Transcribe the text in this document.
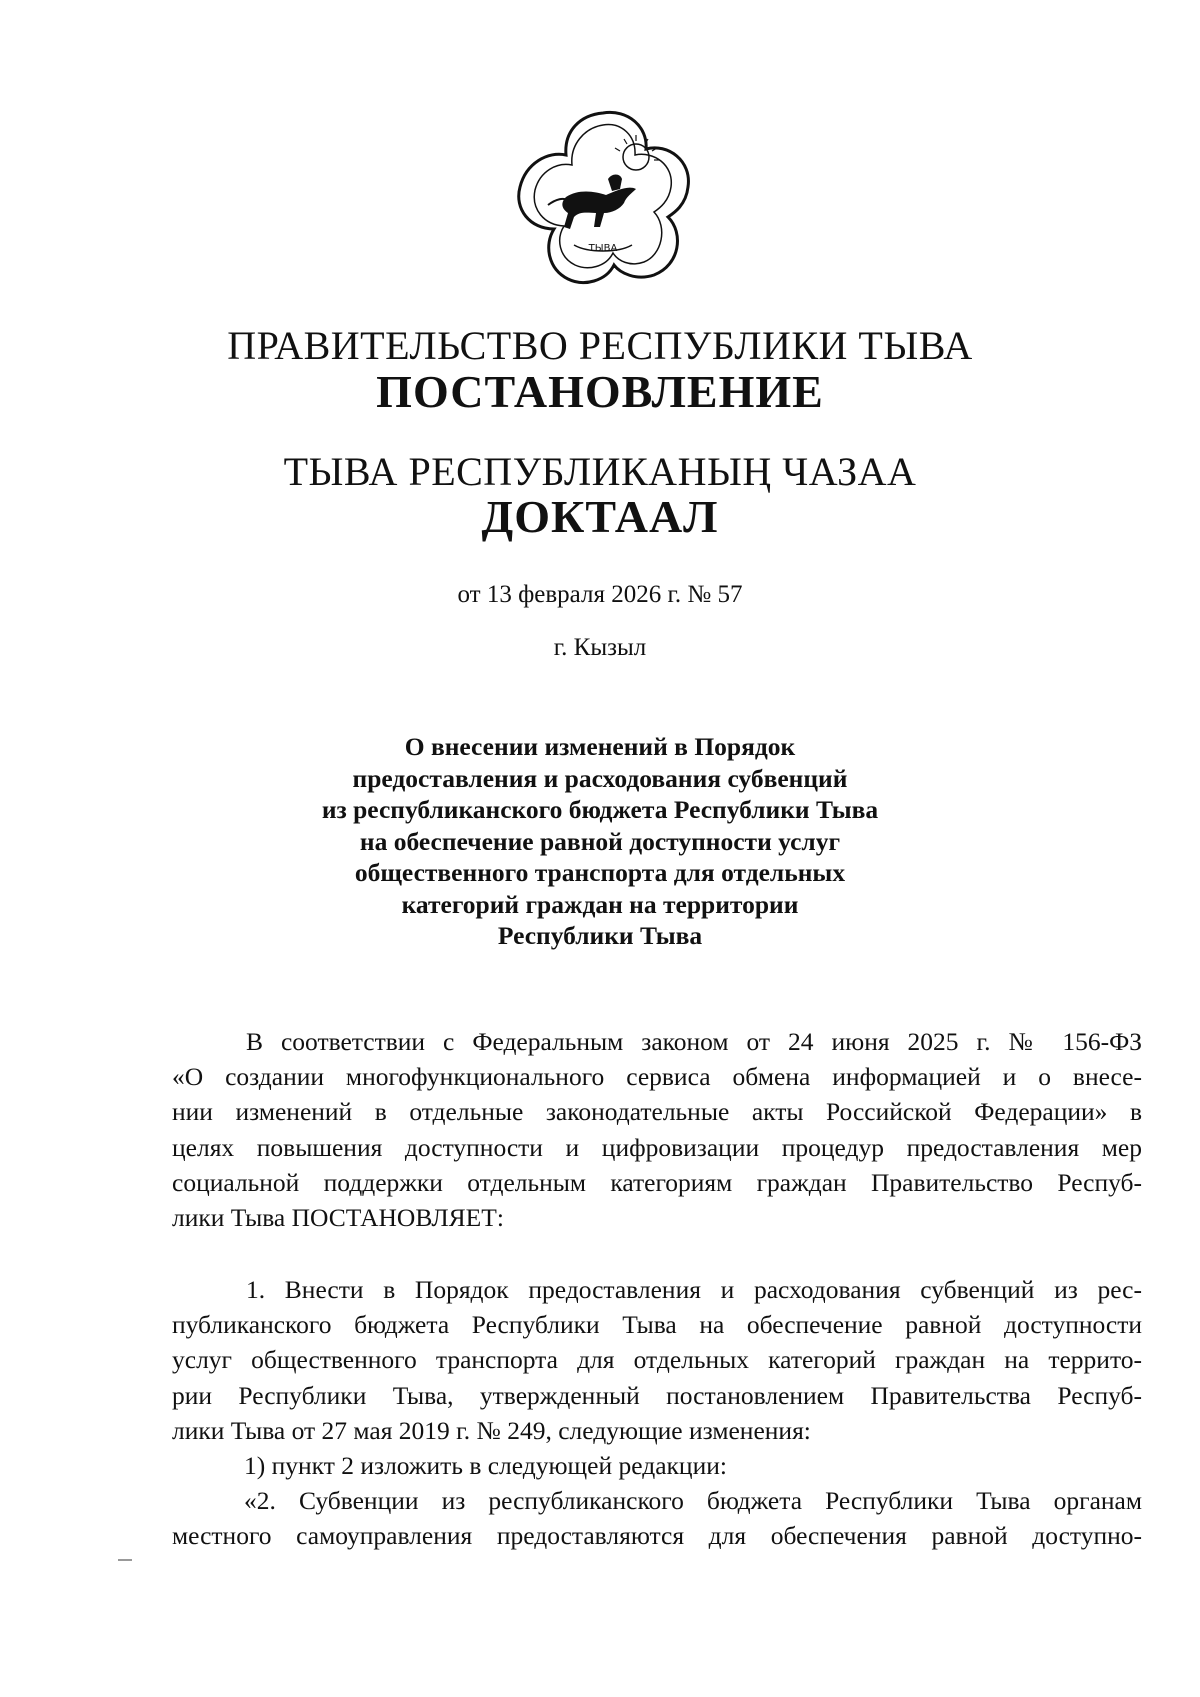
ТЫВА
ПРАВИТЕЛЬСТВО РЕСПУБЛИКИ ТЫВА
ПОСТАНОВЛЕНИЕ
ТЫВА РЕСПУБЛИКАНЫҢ ЧАЗАА
ДОКТААЛ
от 13 февраля 2026 г. № 57
г. Кызыл
О внесении изменений в Порядок
предоставления и расходования субвенций
из республиканского бюджета Республики Тыва
на обеспечение равной доступности услуг
общественного транспорта для отдельных
категорий граждан на территории
Республики Тыва
В соответствии с Федеральным законом от 24 июня 2025 г. № 156-ФЗ
«О создании многофункционального сервиса обмена информацией и о внесе-
нии изменений в отдельные законодательные акты Российской Федерации» в
целях повышения доступности и цифровизации процедур предоставления мер
социальной поддержки отдельным категориям граждан Правительство Респуб-
лики Тыва ПОСТАНОВЛЯЕТ:
1. Внести в Порядок предоставления и расходования субвенций из рес-
публиканского бюджета Республики Тыва на обеспечение равной доступности
услуг общественного транспорта для отдельных категорий граждан на террито-
рии Республики Тыва, утвержденный постановлением Правительства Респуб-
лики Тыва от 27 мая 2019 г. № 249, следующие изменения:
1) пункт 2 изложить в следующей редакции:
«2. Субвенции из республиканского бюджета Республики Тыва органам
местного самоуправления предоставляются для обеспечения равной доступно-
